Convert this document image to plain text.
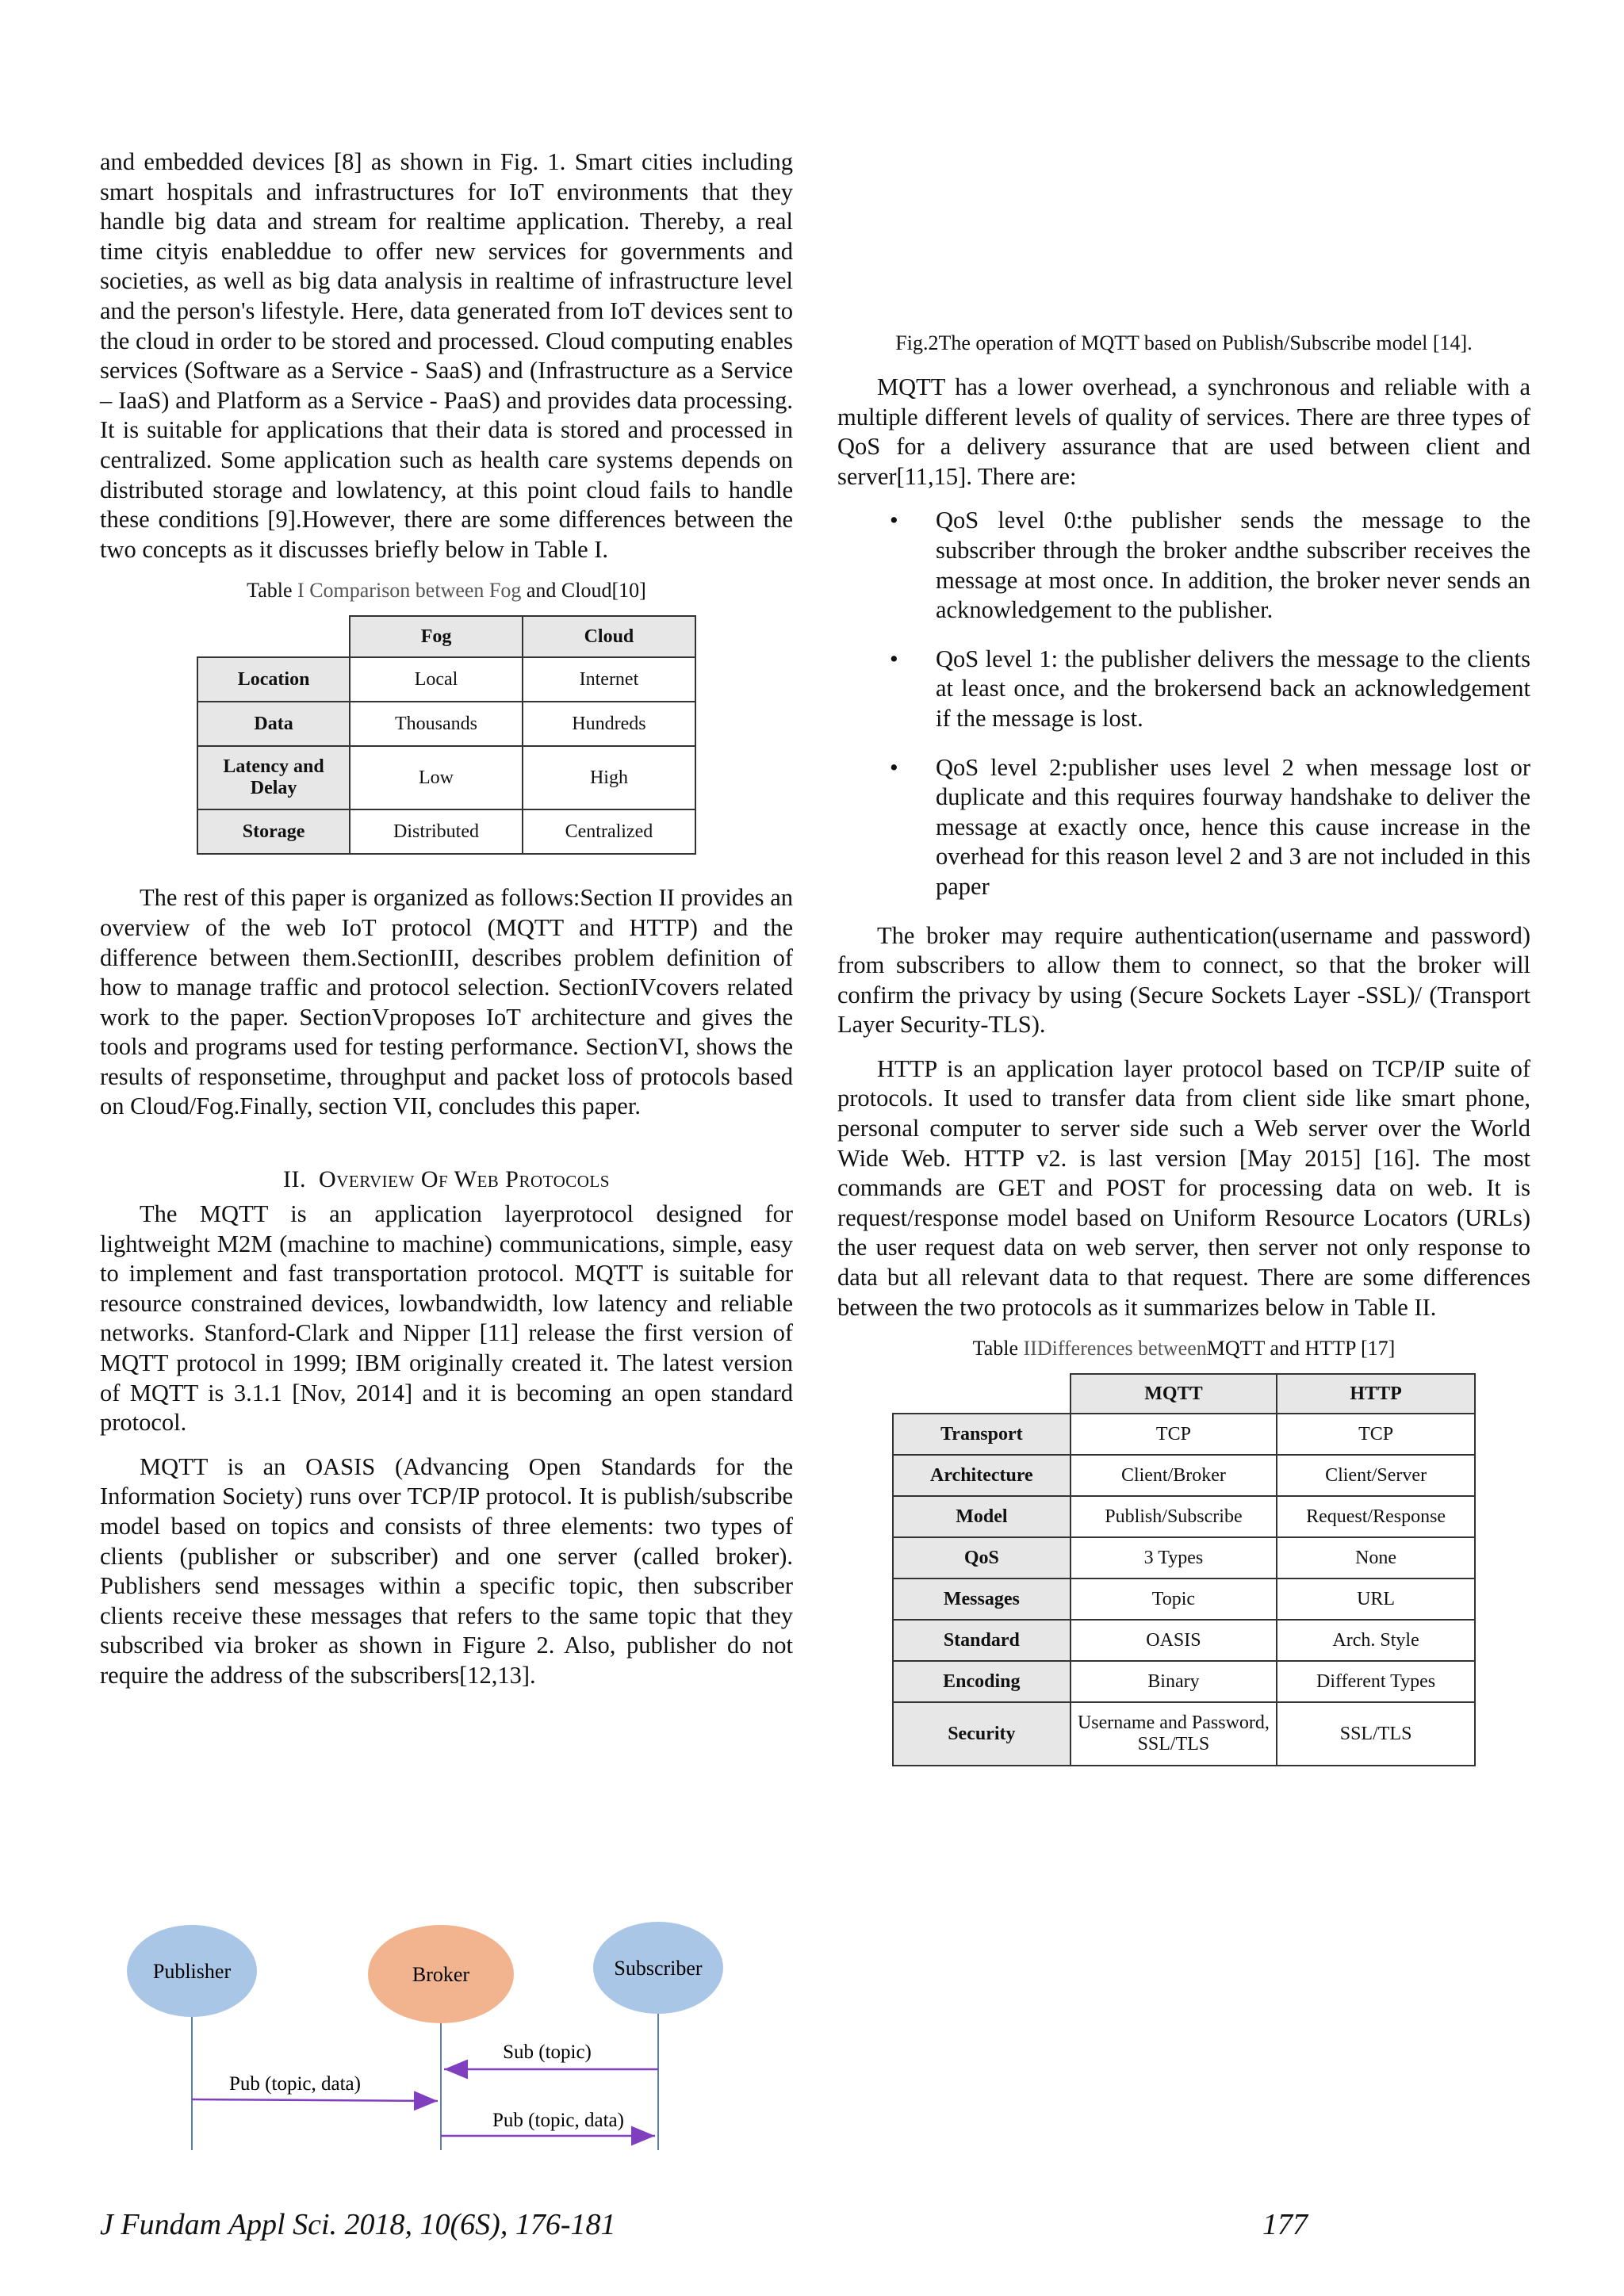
and embedded devices [8] as shown in Fig. 1. Smart cities including smart hospitals and infrastructures for IoT environments that they handle big data and stream for realtime application. Thereby, a real time cityis enableddue to offer new services for governments and societies, as well as big data analysis in realtime of infrastructure level and the person's lifestyle. Here, data generated from IoT devices sent to the cloud in order to be stored and processed. Cloud computing enables services (Software as a Service - SaaS) and (Infrastructure as a Service – IaaS) and Platform as a Service - PaaS) and provides data processing. It is suitable for applications that their data is stored and processed in centralized. Some application such as health care systems depends on distributed storage and lowlatency, at this point cloud fails to handle these conditions [9].However, there are some differences between the two concepts as it discusses briefly below in Table I.

Table I Comparison between Fog and Cloud[10]
	Fog	Cloud
Location	Local	Internet
Data	Thousands	Hundreds
Latency and Delay	Low	High
Storage	Distributed	Centralized

The rest of this paper is organized as follows:Section II provides an overview of the web IoT protocol (MQTT and HTTP) and the difference between them.SectionIII, describes problem definition of how to manage traffic and protocol selection. SectionIVcovers related work to the paper. SectionVproposes IoT architecture and gives the tools and programs used for testing performance. SectionVI, shows the results of responsetime, throughput and packet loss of protocols based on Cloud/Fog.Finally, section VII, concludes this paper.

II. Overview Of Web Protocols

The MQTT is an application layerprotocol designed for lightweight M2M (machine to machine) communications, simple, easy to implement and fast transportation protocol. MQTT is suitable for resource constrained devices, lowbandwidth, low latency and reliable networks. Stanford-Clark and Nipper [11] release the first version of MQTT protocol in 1999; IBM originally created it. The latest version of MQTT is 3.1.1 [Nov, 2014] and it is becoming an open standard protocol.

MQTT is an OASIS (Advancing Open Standards for the Information Society) runs over TCP/IP protocol. It is publish/subscribe model based on topics and consists of three elements: two types of clients (publisher or subscriber) and one server (called broker). Publishers send messages within a specific topic, then subscriber clients receive these messages that refers to the same topic that they subscribed via broker as shown in Figure 2. Also, publisher do not require the address of the subscribers[12,13].

Publisher	Broker	Subscriber
Sub (topic)
Pub (topic, data)
Pub (topic, data)
Fig.2The operation of MQTT based on Publish/Subscribe model [14].

MQTT has a lower overhead, a synchronous and reliable with a multiple different levels of quality of services. There are three types of QoS for a delivery assurance that are used between client and server[11,15]. There are:

• QoS level 0:the publisher sends the message to the subscriber through the broker andthe subscriber receives the message at most once. In addition, the broker never sends an acknowledgement to the publisher.
• QoS level 1: the publisher delivers the message to the clients at least once, and the brokersend back an acknowledgement if the message is lost.
• QoS level 2:publisher uses level 2 when message lost or duplicate and this requires fourway handshake to deliver the message at exactly once, hence this cause increase in the overhead for this reason level 2 and 3 are not included in this paper

The broker may require authentication(username and password) from subscribers to allow them to connect, so that the broker will confirm the privacy by using (Secure Sockets Layer -SSL)/ (Transport Layer Security-TLS).

HTTP is an application layer protocol based on TCP/IP suite of protocols. It used to transfer data from client side like smart phone, personal computer to server side such a Web server over the World Wide Web. HTTP v2. is last version [May 2015] [16]. The most commands are GET and POST for processing data on web. It is request/response model based on Uniform Resource Locators (URLs) the user request data on web server, then server not only response to data but all relevant data to that request. There are some differences between the two protocols as it summarizes below in Table II.

Table IIDifferences betweenMQTT and HTTP [17]
	MQTT	HTTP
Transport	TCP	TCP
Architecture	Client/Broker	Client/Server
Model	Publish/Subscribe	Request/Response
QoS	3 Types	None
Messages	Topic	URL
Standard	OASIS	Arch. Style
Encoding	Binary	Different Types
Security	Username and Password, SSL/TLS	SSL/TLS
J Fundam Appl Sci. 2018, 10(6S), 176-181	177
